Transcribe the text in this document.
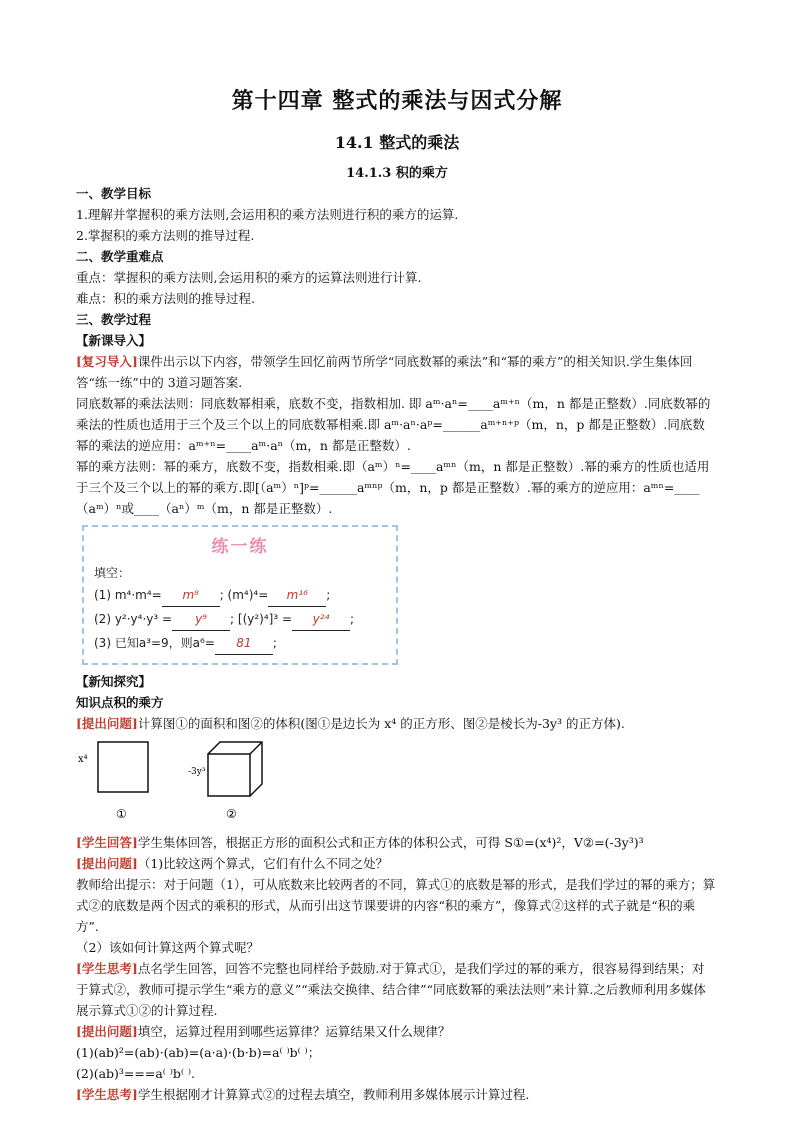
第十四章 整式的乘法与因式分解
14.1 整式的乘法
14.1.3 积的乘方

一、教学目标

1.理解并掌握积的乘方法则,会运用积的乘方法则进行积的乘方的运算.

2.掌握积的乘方法则的推导过程.

二、教学重难点

重点：掌握积的乘方法则,会运用积的乘方的运算法则进行计算.

难点：积的乘方法则的推导过程.

三、教学过程

【新课导入】

[复习导入]课件出示以下内容，带领学生回忆前两节所学“同底数幂的乘法”和“幂的乘方”的相关知识.学生集体回答“练一练”中的 3道习题答案.

同底数幂的乘法法则：同底数幂相乘，底数不变，指数相加. 即 aᵐ·aⁿ=____aᵐ⁺ⁿ（m，n 都是正整数）.同底数幂的乘法的性质也适用于三个及三个以上的同底数幂相乘.即 aᵐ·aⁿ·aᵖ=______aᵐ⁺ⁿ⁺ᵖ（m，n，p 都是正整数）.同底数幂的乘法的逆应用：aᵐ⁺ⁿ=____aᵐ·aⁿ（m，n 都是正整数）.

幂的乘方法则：幂的乘方，底数不变，指数相乘.即（aᵐ）ⁿ=____aᵐⁿ（m，n 都是正整数）.幂的乘方的性质也适用于三个及三个以上的幂的乘方.即[（aᵐ）ⁿ]ᵖ=______aᵐⁿᵖ（m，n，p 都是正整数）.幂的乘方的逆应用：aᵐⁿ=____（aᵐ）ⁿ或____（aⁿ）ᵐ（m，n 都是正整数）.

练一练
填空：
(1) m⁴·m⁴= m⁸ ; (m⁴)⁴= m¹⁶ ;
(2) y²·y⁴·y³ = y⁹ ; [(y²)⁴]³ = y²⁴ ;
(3) 已知a³=9，则a⁶= 81 ;

【新知探究】

知识点积的乘方

[提出问题]计算图①的面积和图②的体积(图①是边长为 x⁴ 的正方形、图②是棱长为-3y³ 的正方体).

x⁴
-3y³
①	②

[学生回答]学生集体回答，根据正方形的面积公式和正方体的体积公式，可得 S①=(x⁴)²，V②=(-3y³)³

[提出问题]（1)比较这两个算式，它们有什么不同之处？

教师给出提示：对于问题（1），可从底数来比较两者的不同，算式①的底数是幂的形式，是我们学过的幂的乘方；算式②的底数是两个因式的乘积的形式，从而引出这节课要讲的内容“积的乘方”，像算式②这样的式子就是“积的乘方”.

（2）该如何计算这两个算式呢？

[学生思考]点名学生回答，回答不完整也同样给予鼓励.对于算式①，是我们学过的幂的乘方，很容易得到结果；对于算式②，教师可提示学生“乘方的意义”“乘法交换律、结合律”“同底数幂的乘法法则”来计算.之后教师利用多媒体展示算式①②的计算过程.

[提出问题]填空，运算过程用到哪些运算律？运算结果又什么规律？

(1)(ab)²=(ab)·(ab)=(a·a)·(b·b)=a⁽ ⁾b⁽ ⁾；

(2)(ab)³===a⁽ ⁾b⁽ ⁾.

[学生思考]学生根据刚才计算算式②的过程去填空，教师利用多媒体展示计算过程.
